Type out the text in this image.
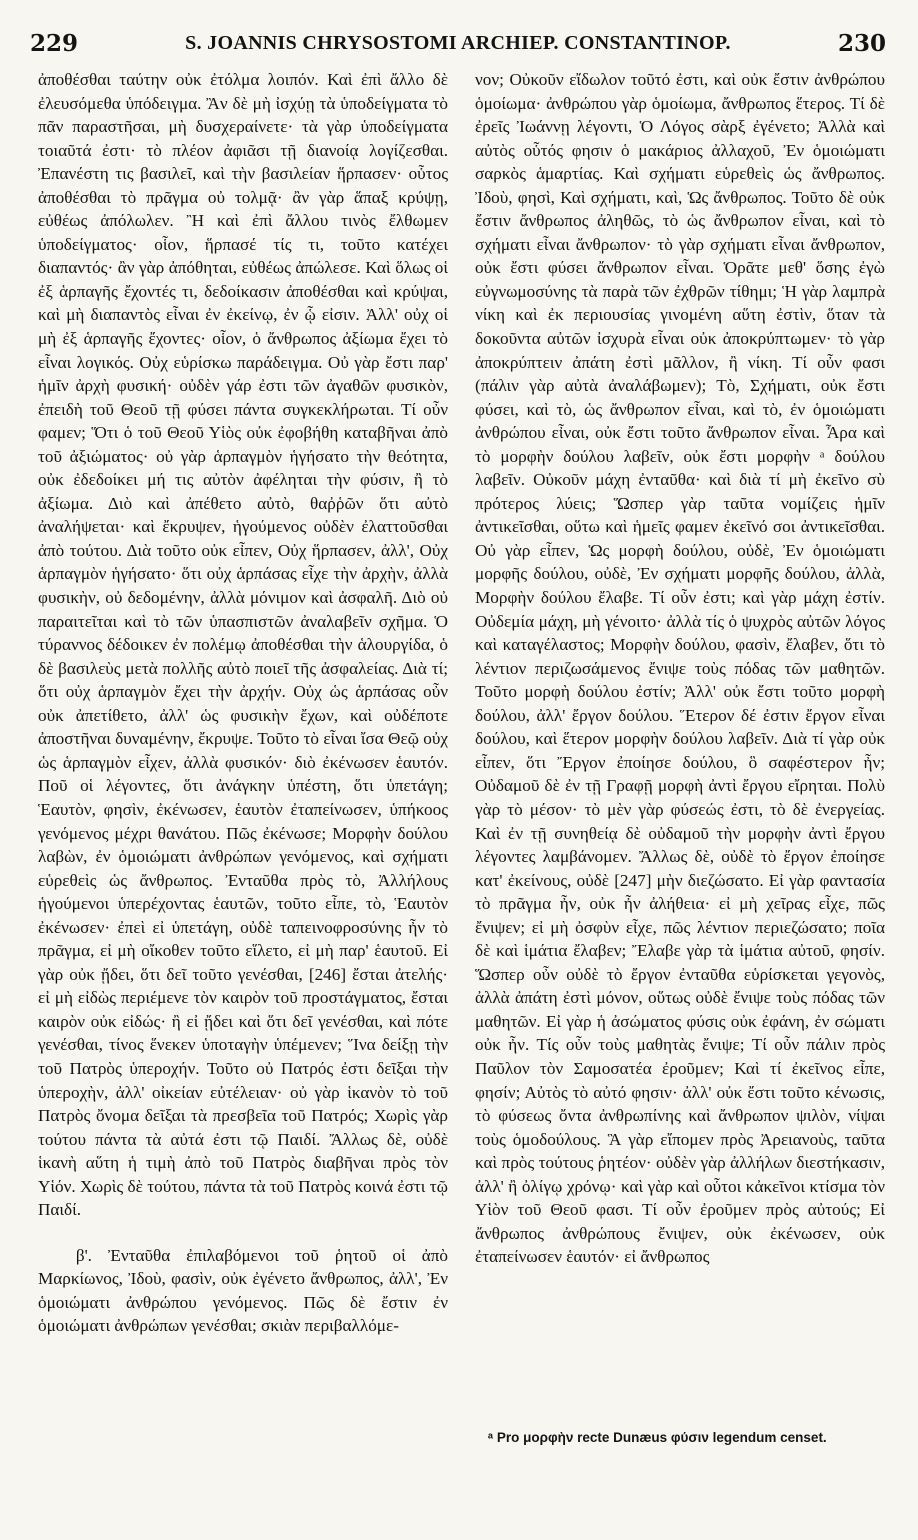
229	S. JOANNIS CHRYSOSTOMI ARCHIEP. CONSTANTINOP.	230

ἀποθέσθαι ταύτην οὐκ ἐτόλμα λοιπόν. Καὶ ἐπὶ ἄλλο δὲ ἐλευσόμεθα ὑπόδειγμα. Ἂν δὲ μὴ ἰσχύῃ τὰ ὑποδείγματα τὸ πᾶν παραστῆσαι, μὴ δυσχεραίνετε· τὰ γὰρ ὑποδείγματα τοιαῦτά ἐστι· τὸ πλέον ἀφιᾶσι τῇ διανοίᾳ λογίζεσθαι. Ἐπανέστη τις βασιλεῖ, καὶ τὴν βασιλείαν ἥρπασεν· οὗτος ἀποθέσθαι τὸ πρᾶγμα οὐ τολμᾷ· ἂν γὰρ ἅπαξ κρύψῃ, εὐθέως ἀπόλωλεν. Ἢ καὶ ἐπὶ ἄλλου τινὸς ἔλθωμεν ὑποδείγματος· οἷον, ἥρπασέ τίς τι, τοῦτο κατέχει διαπαντός· ἂν γὰρ ἀπόθηται, εὐθέως ἀπώλεσε. Καὶ ὅλως οἱ ἐξ ἁρπαγῆς ἔχοντές τι, δεδοίκασιν ἀποθέσθαι καὶ κρύψαι, καὶ μὴ διαπαντὸς εἶναι ἐν ἐκείνῳ, ἐν ᾧ εἰσιν. Ἀλλ' οὐχ οἱ μὴ ἐξ ἁρπαγῆς ἔχοντες· οἷον, ὁ ἄνθρωπος ἀξίωμα ἔχει τὸ εἶναι λογικός. Οὐχ εὑρίσκω παράδειγμα. Οὐ γὰρ ἔστι παρ' ἡμῖν ἀρχὴ φυσική· οὐδὲν γάρ ἐστι τῶν ἀγαθῶν φυσικὸν, ἐπειδὴ τοῦ Θεοῦ τῇ φύσει πάντα συγκεκλήρωται. Τί οὖν φαμεν; Ὅτι ὁ τοῦ Θεοῦ Υἱὸς οὐκ ἐφοβήθη καταβῆναι ἀπὸ τοῦ ἀξιώματος· οὐ γὰρ ἁρπαγμὸν ἡγήσατο τὴν θεότητα, οὐκ ἐδεδοίκει μή τις αὐτὸν ἀφέληται τὴν φύσιν, ἢ τὸ ἀξίωμα. Διὸ καὶ ἀπέθετο αὐτὸ, θαῤῥῶν ὅτι αὐτὸ ἀναλήψεται· καὶ ἔκρυψεν, ἡγούμενος οὐδὲν ἐλαττοῦσθαι ἀπὸ τούτου. Διὰ τοῦτο οὐκ εἶπεν, Οὐχ ἥρπασεν, ἀλλ', Οὐχ ἁρπαγμὸν ἡγήσατο· ὅτι οὐχ ἁρπάσας εἶχε τὴν ἀρχὴν, ἀλλὰ φυσικὴν, οὐ δεδομένην, ἀλλὰ μόνιμον καὶ ἀσφαλῆ. Διὸ οὐ παραιτεῖται καὶ τὸ τῶν ὑπασπιστῶν ἀναλαβεῖν σχῆμα. Ὁ τύραννος δέδοικεν ἐν πολέμῳ ἀποθέσθαι τὴν ἁλουργίδα, ὁ δὲ βασιλεὺς μετὰ πολλῆς αὐτὸ ποιεῖ τῆς ἀσφαλείας. Διὰ τί; ὅτι οὐχ ἁρπαγμὸν ἔχει τὴν ἀρχήν. Οὐχ ὡς ἁρπάσας οὖν οὐκ ἀπετίθετο, ἀλλ' ὡς φυσικὴν ἔχων, καὶ οὐδέποτε ἀποστῆναι δυναμένην, ἔκρυψε. Τοῦτο τὸ εἶναι ἴσα Θεῷ οὐχ ὡς ἁρπαγμὸν εἶχεν, ἀλλὰ φυσικόν· διὸ ἐκένωσεν ἑαυτόν. Ποῦ οἱ λέγοντες, ὅτι ἀνάγκην ὑπέστη, ὅτι ὑπετάγη; Ἑαυτὸν, φησὶν, ἐκένωσεν, ἑαυτὸν ἐταπείνωσεν, ὑπήκοος γενόμενος μέχρι θανάτου. Πῶς ἐκένωσε; Μορφὴν δούλου λαβὼν, ἐν ὁμοιώματι ἀνθρώπων γενόμενος, καὶ σχήματι εὑρεθεὶς ὡς ἄνθρωπος. Ἐνταῦθα πρὸς τὸ, Ἀλλήλους ἡγούμενοι ὑπερέχοντας ἑαυτῶν, τοῦτο εἶπε, τὸ, Ἑαυτὸν ἐκένωσεν· ἐπεὶ εἰ ὑπετάγη, οὐδὲ ταπεινοφροσύνης ἦν τὸ πρᾶγμα, εἰ μὴ οἴκοθεν τοῦτο εἵλετο, εἰ μὴ παρ' ἑαυτοῦ. Εἰ γὰρ οὐκ ᾔδει, ὅτι δεῖ τοῦτο γενέσθαι, [246] ἔσται ἀτελής· εἰ μὴ εἰδὼς περιέμενε τὸν καιρὸν τοῦ προστάγματος, ἔσται καιρὸν οὐκ εἰδώς· ἢ εἰ ᾔδει καὶ ὅτι δεῖ γενέσθαι, καὶ πότε γενέσθαι, τίνος ἕνεκεν ὑποταγὴν ὑπέμενεν; Ἵνα δείξῃ τὴν τοῦ Πατρὸς ὑπεροχήν. Τοῦτο οὐ Πατρός ἐστι δεῖξαι τὴν ὑπεροχὴν, ἀλλ' οἰκείαν εὐτέλειαν· οὐ γὰρ ἱκανὸν τὸ τοῦ Πατρὸς ὄνομα δεῖξαι τὰ πρεσβεῖα τοῦ Πατρός; Χωρὶς γὰρ τούτου πάντα τὰ αὐτά ἐστι τῷ Παιδί. Ἄλλως δὲ, οὐδὲ ἱκανὴ αὕτη ἡ τιμὴ ἀπὸ τοῦ Πατρὸς διαβῆναι πρὸς τὸν Υἱόν. Χωρὶς δὲ τούτου, πάντα τὰ τοῦ Πατρὸς κοινά ἐστι τῷ Παιδί.

β'. Ἐνταῦθα ἐπιλαβόμενοι τοῦ ῥητοῦ οἱ ἀπὸ Μαρκίωνος, Ἰδοὺ, φασὶν, οὐκ ἐγένετο ἄνθρωπος, ἀλλ', Ἐν ὁμοιώματι ἀνθρώπου γενόμενος. Πῶς δὲ ἔστιν ἐν ὁμοιώματι ἀνθρώπων γενέσθαι; σκιὰν περιβαλλόμε-

νον; Οὐκοῦν εἴδωλον τοῦτό ἐστι, καὶ οὐκ ἔστιν ἀνθρώπου ὁμοίωμα· ἀνθρώπου γὰρ ὁμοίωμα, ἄνθρωπος ἕτερος. Τί δὲ ἐρεῖς Ἰωάννῃ λέγοντι, Ὁ Λόγος σὰρξ ἐγένετο; Ἀλλὰ καὶ αὐτὸς οὗτός φησιν ὁ μακάριος ἀλλαχοῦ, Ἐν ὁμοιώματι σαρκὸς ἁμαρτίας. Καὶ σχήματι εὑρεθεὶς ὡς ἄνθρωπος. Ἰδοὺ, φησὶ, Καὶ σχήματι, καὶ, Ὡς ἄνθρωπος. Τοῦτο δὲ οὐκ ἔστιν ἄνθρωπος ἀληθῶς, τὸ ὡς ἄνθρωπον εἶναι, καὶ τὸ σχήματι εἶναι ἄνθρωπον· τὸ γὰρ σχήματι εἶναι ἄνθρωπον, οὐκ ἔστι φύσει ἄνθρωπον εἶναι. Ὁρᾶτε μεθ' ὅσης ἐγὼ εὐγνωμοσύνης τὰ παρὰ τῶν ἐχθρῶν τίθημι; Ἡ γὰρ λαμπρὰ νίκη καὶ ἐκ περιουσίας γινομένη αὕτη ἐστὶν, ὅταν τὰ δοκοῦντα αὐτῶν ἰσχυρὰ εἶναι οὐκ ἀποκρύπτωμεν· τὸ γὰρ ἀποκρύπτειν ἀπάτη ἐστὶ μᾶλλον, ἢ νίκη. Τί οὖν φασι (πάλιν γὰρ αὐτὰ ἀναλάβωμεν); Τὸ, Σχήματι, οὐκ ἔστι φύσει, καὶ τὸ, ὡς ἄνθρωπον εἶναι, καὶ τὸ, ἐν ὁμοιώματι ἀνθρώπου εἶναι, οὐκ ἔστι τοῦτο ἄνθρωπον εἶναι. Ἆρα καὶ τὸ μορφὴν δούλου λαβεῖν, οὐκ ἔστι μορφὴν ᵃ δούλου λαβεῖν. Οὐκοῦν μάχη ἐνταῦθα· καὶ διὰ τί μὴ ἐκεῖνο σὺ πρότερος λύεις; Ὥσπερ γὰρ ταῦτα νομίζεις ἡμῖν ἀντικεῖσθαι, οὕτω καὶ ἡμεῖς φαμεν ἐκεῖνό σοι ἀντικεῖσθαι. Οὐ γὰρ εἶπεν, Ὡς μορφὴ δούλου, οὐδὲ, Ἐν ὁμοιώματι μορφῆς δούλου, οὐδὲ, Ἐν σχήματι μορφῆς δούλου, ἀλλὰ, Μορφὴν δούλου ἔλαβε. Τί οὖν ἐστι; καὶ γὰρ μάχη ἐστίν. Οὐδεμία μάχη, μὴ γένοιτο· ἀλλὰ τίς ὁ ψυχρὸς αὐτῶν λόγος καὶ καταγέλαστος; Μορφὴν δούλου, φασὶν, ἔλαβεν, ὅτι τὸ λέντιον περιζωσάμενος ἔνιψε τοὺς πόδας τῶν μαθητῶν. Τοῦτο μορφὴ δούλου ἐστίν; Ἀλλ' οὐκ ἔστι τοῦτο μορφὴ δούλου, ἀλλ' ἔργον δούλου. Ἕτερον δέ ἐστιν ἔργον εἶναι δούλου, καὶ ἕτερον μορφὴν δούλου λαβεῖν. Διὰ τί γὰρ οὐκ εἶπεν, ὅτι Ἔργον ἐποίησε δούλου, ὃ σαφέστερον ἦν; Οὐδαμοῦ δὲ ἐν τῇ Γραφῇ μορφὴ ἀντὶ ἔργου εἴρηται. Πολὺ γὰρ τὸ μέσον· τὸ μὲν γὰρ φύσεώς ἐστι, τὸ δὲ ἐνεργείας. Καὶ ἐν τῇ συνηθείᾳ δὲ οὐδαμοῦ τὴν μορφὴν ἀντὶ ἔργου λέγοντες λαμβάνομεν. Ἄλλως δὲ, οὐδὲ τὸ ἔργον ἐποίησε κατ' ἐκείνους, οὐδὲ [247] μὴν διεζώσατο. Εἰ γὰρ φαντασία τὸ πρᾶγμα ἦν, οὐκ ἦν ἀλήθεια· εἰ μὴ χεῖρας εἶχε, πῶς ἔνιψεν; εἰ μὴ ὀσφὺν εἶχε, πῶς λέντιον περιεζώσατο; ποῖα δὲ καὶ ἱμάτια ἔλαβεν; Ἔλαβε γὰρ τὰ ἱμάτια αὐτοῦ, φησίν. Ὥσπερ οὖν οὐδὲ τὸ ἔργον ἐνταῦθα εὑρίσκεται γεγονὸς, ἀλλὰ ἀπάτη ἐστὶ μόνον, οὕτως οὐδὲ ἔνιψε τοὺς πόδας τῶν μαθητῶν. Εἰ γὰρ ἡ ἀσώματος φύσις οὐκ ἐφάνη, ἐν σώματι οὐκ ἦν. Τίς οὖν τοὺς μαθητὰς ἔνιψε; Τί οὖν πάλιν πρὸς Παῦλον τὸν Σαμοσατέα ἐροῦμεν; Καὶ τί ἐκεῖνος εἶπε, φησίν; Αὐτὸς τὸ αὐτό φησιν· ἀλλ' οὐκ ἔστι τοῦτο κένωσις, τὸ φύσεως ὄντα ἀνθρωπίνης καὶ ἄνθρωπον ψιλὸν, νίψαι τοὺς ὁμοδούλους. Ἃ γὰρ εἴπομεν πρὸς Ἀρειανοὺς, ταῦτα καὶ πρὸς τούτους ῥητέον· οὐδὲν γὰρ ἀλλήλων διεστήκασιν, ἀλλ' ἢ ὀλίγῳ χρόνῳ· καὶ γὰρ καὶ οὗτοι κἀκεῖνοι κτίσμα τὸν Υἱὸν τοῦ Θεοῦ φασι. Τί οὖν ἐροῦμεν πρὸς αὐτούς; Εἰ ἄνθρωπος ἀνθρώπους ἔνιψεν, οὐκ ἐκένωσεν, οὐκ ἐταπείνωσεν ἑαυτόν· εἰ ἄνθρωπος

ᵃ Pro μορφὴν recte Dunæus φύσιν legendum censet.
